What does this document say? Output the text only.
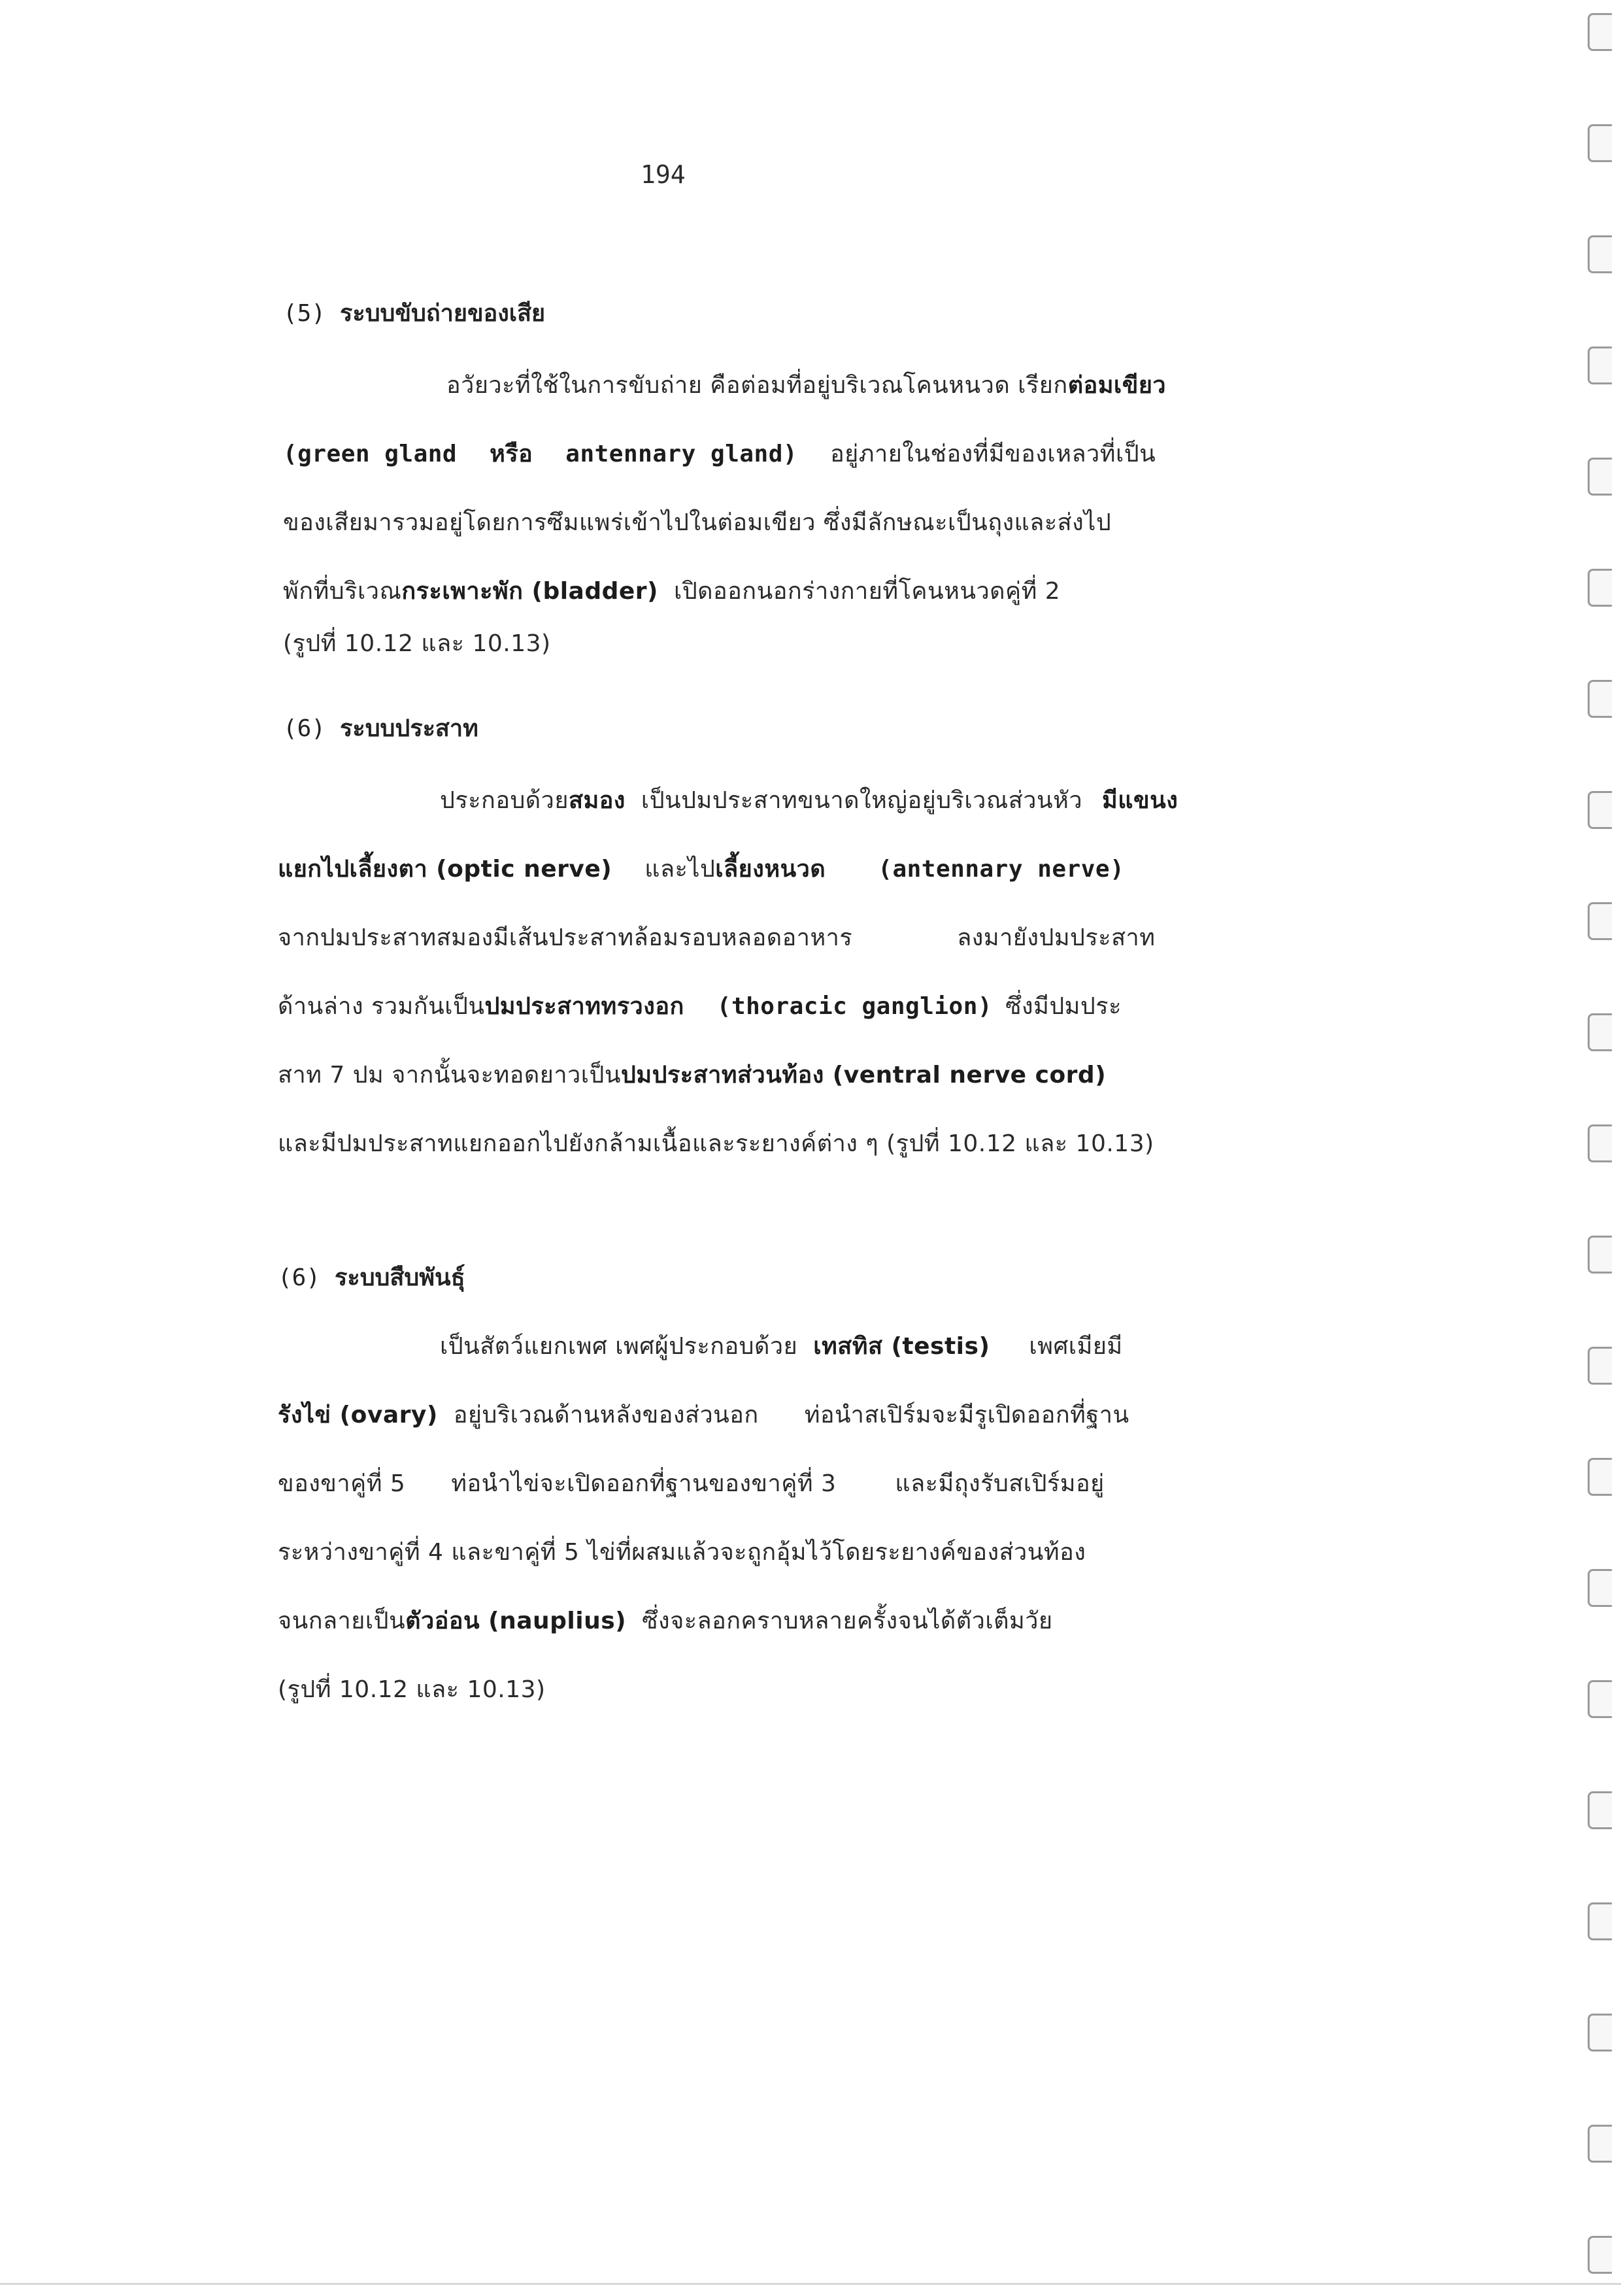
194
(5) ระบบขับถ่ายของเสีย
อวัยวะที่ใช้ในการขับถ่าย คือต่อมที่อยู่บริเวณโคนหนวด เรียกต่อมเขียว
(green gland หรือ antennary gland) อยู่ภายในช่องที่มีของเหลวที่เป็น
ของเสียมารวมอยู่โดยการซึมแพร่เข้าไปในต่อมเขียว ซึ่งมีลักษณะเป็นถุงและส่งไป
พักที่บริเวณกระเพาะพัก (bladder) เปิดออกนอกร่างกายที่โคนหนวดคู่ที่ 2
(รูปที่ 10.12 และ 10.13)
(6) ระบบประสาท
ประกอบด้วยสมอง เป็นปมประสาทขนาดใหญ่อยู่บริเวณส่วนหัว มีแขนง
แยกไปเลี้ยงตา (optic nerve) และไปเลี้ยงหนวด (antennary nerve)
จากปมประสาทสมองมีเส้นประสาทล้อมรอบหลอดอาหาร	ลงมายังปมประสาท
ด้านล่าง รวมกันเป็นปมประสาททรวงอก (thoracic ganglion) ซึ่งมีปมประ
สาท 7 ปม จากนั้นจะทอดยาวเป็นปมประสาทส่วนท้อง (ventral nerve cord)
และมีปมประสาทแยกออกไปยังกล้ามเนื้อและระยางค์ต่าง ๆ (รูปที่ 10.12 และ 10.13)
(6) ระบบสืบพันธุ์
เป็นสัตว์แยกเพศ เพศผู้ประกอบด้วย เทสทิส (testis) เพศเมียมี
รังไข่ (ovary) อยู่บริเวณด้านหลังของส่วนอก ท่อนำสเปิร์มจะมีรูเปิดออกที่ฐาน
ของขาคู่ที่ 5 ท่อนำไข่จะเปิดออกที่ฐานของขาคู่ที่ 3	และมีถุงรับสเปิร์มอยู่
ระหว่างขาคู่ที่ 4 และขาคู่ที่ 5 ไข่ที่ผสมแล้วจะถูกอุ้มไว้โดยระยางค์ของส่วนท้อง
จนกลายเป็นตัวอ่อน (nauplius) ซึ่งจะลอกคราบหลายครั้งจนได้ตัวเต็มวัย
(รูปที่ 10.12 และ 10.13)
